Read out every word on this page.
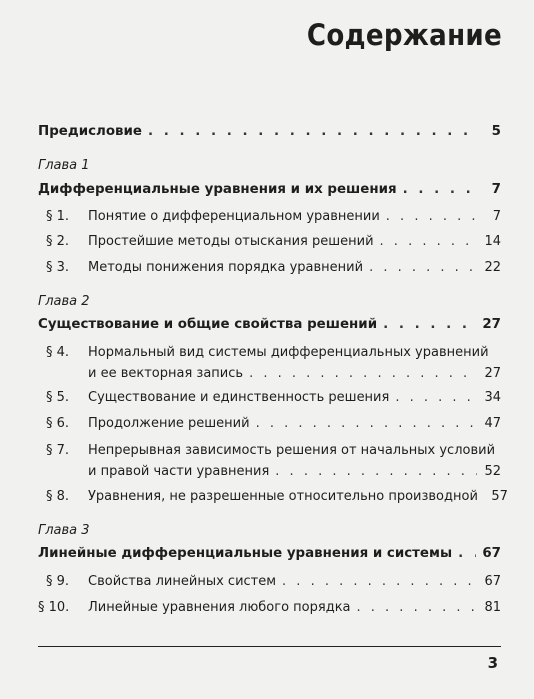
Содержание
Предисловие . . .	5
Глава 1
Дифференциальные уравнения и их решения . . .	7
§ 1.	Понятие о дифференциальном уравнении . . .	7
§ 2.	Простейшие методы отыскания решений . . .	14
§ 3.	Методы понижения порядка уравнений . . .	22
Глава 2
Существование и общие свойства решений . . .	27
§ 4.	Нормальный вид системы дифференциальных уравнений
и ее векторная запись . . .	27
§ 5.	Существование и единственность решения . . .	34
§ 6.	Продолжение решений . . .	47
§ 7.	Непрерывная зависимость решения от начальных условий
и правой части уравнения . . .	52
§ 8.	Уравнения, не разрешенные относительно производной 57
Глава 3
Линейные дифференциальные уравнения и системы . . . 67
§ 9.	Свойства линейных систем . . .	67
§ 10.	Линейные уравнения любого порядка . . .	81
3
